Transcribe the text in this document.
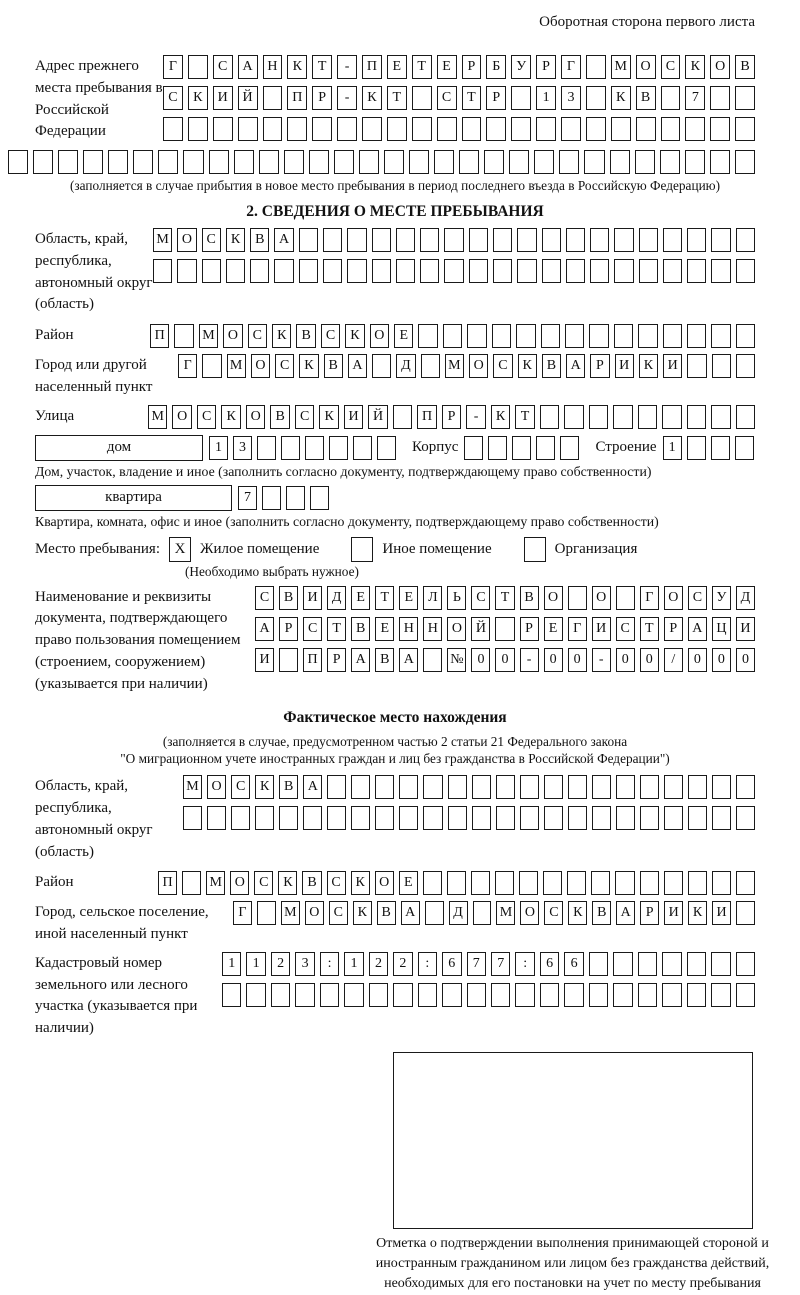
Оборотная сторона первого листа
Адрес прежнего места пребывания в Российской Федерации
Г	С	А	Н	К	Т	-	П	Е	Т	Е	Р	Б	У	Р	Г	М О	С	К	О	В
С	К	И	Й	П	Р	-	К	Т	С	Т	Р	1	3	К	В	7
(заполняется в случае прибытия в новое место пребывания в период последнего въезда в Российскую Федерацию)
2. СВЕДЕНИЯ О МЕСТЕ ПРЕБЫВАНИЯ
Область, край, республика, автономный округ (область)
М О	С	К	В	А
Район	П	М О	С	К	В	С	К	О	Е
Город или другой населенный пункт
Г	М О	С	К	В	А	Д	М О	С	К	В	А	Р	И	К	И
Улица	М О	С	К	О	В	С	К	И	Й	П	Р	-	К	Т
дом	1	3	Корпус	Строение 1
Дом, участок, владение и иное (заполнить согласно документу, подтверждающему право собственности)
квартира	7
Квартира, комната, офис и иное (заполнить согласно документу, подтверждающему право собственности)
Место пребывания: X Жилое помещение	Иное помещение	Организация
(Необходимо выбрать нужное)
Наименование и реквизиты документа, подтверждающего право пользования помещением (строением, сооружением) (указывается при наличии)
С	В	И	Д	Е	Т	Е	Л	Ь	С	Т	В	О	О	Г	О	С	У	Д
А	Р	С	Т	В	Е	Н Н О Й	Р	Е	Г	И	С	Т	Р	А Ц И
И	П	Р	А	В	А	№ 0	0	-	0	0	-	0	0	/	0	0	0
Фактическое место нахождения
(заполняется в случае, предусмотренном частью 2 статьи 21 Федерального закона
"О миграционном учете иностранных граждан и лиц без гражданства в Российской Федерации")
Область, край, республика, автономный округ (область)
М О	С	К	В	А
Район	П	М О	С	К	В	С	К	О	Е
Город, сельское поселение, иной населенный пункт
Г	М О	С	К	В	А	Д	М О	С	К	В	А	Р	И	К	И
Кадастровый номер земельного или лесного участка (указывается при наличии)
1	1	2	3	:	1	2	2	:	6	7	7	:	6	6
Отметка о подтверждении выполнения принимающей стороной и иностранным гражданином или лицом без гражданства действий, необходимых для его постановки на учет по месту пребывания
